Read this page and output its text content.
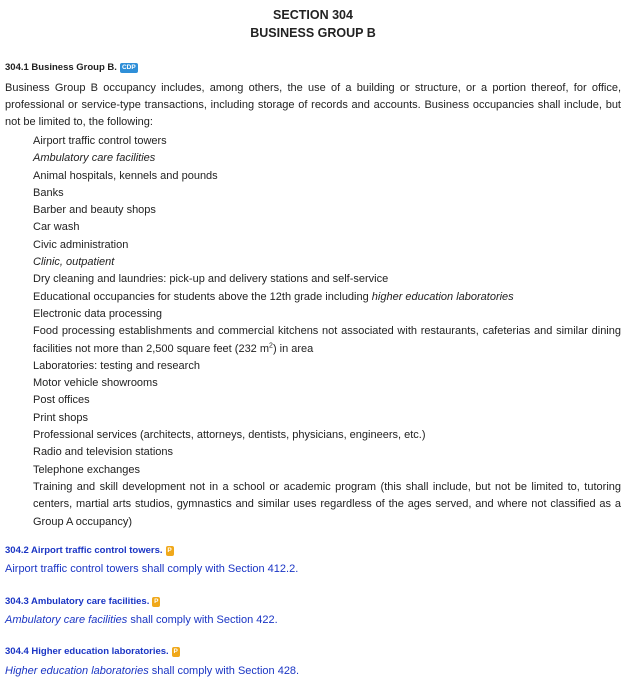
SECTION 304
BUSINESS GROUP B
304.1 Business Group B. CDP
Business Group B occupancy includes, among others, the use of a building or structure, or a portion thereof, for office, professional or service-type transactions, including storage of records and accounts. Business occupancies shall include, but not be limited to, the following:
Airport traffic control towers
Ambulatory care facilities
Animal hospitals, kennels and pounds
Banks
Barber and beauty shops
Car wash
Civic administration
Clinic, outpatient
Dry cleaning and laundries: pick-up and delivery stations and self-service
Educational occupancies for students above the 12th grade including higher education laboratories
Electronic data processing
Food processing establishments and commercial kitchens not associated with restaurants, cafeterias and similar dining facilities not more than 2,500 square feet (232 $m^2$) in area
Laboratories: testing and research
Motor vehicle showrooms
Post offices
Print shops
Professional services (architects, attorneys, dentists, physicians, engineers, etc.)
Radio and television stations
Telephone exchanges
Training and skill development not in a school or academic program (this shall include, but not be limited to, tutoring centers, martial arts studios, gymnastics and similar uses regardless of the ages served, and where not classified as a Group A occupancy)
304.2 Airport traffic control towers. P
Airport traffic control towers shall comply with Section 412.2.
304.3 Ambulatory care facilities. P
Ambulatory care facilities shall comply with Section 422.
304.4 Higher education laboratories. P
Higher education laboratories shall comply with Section 428.
